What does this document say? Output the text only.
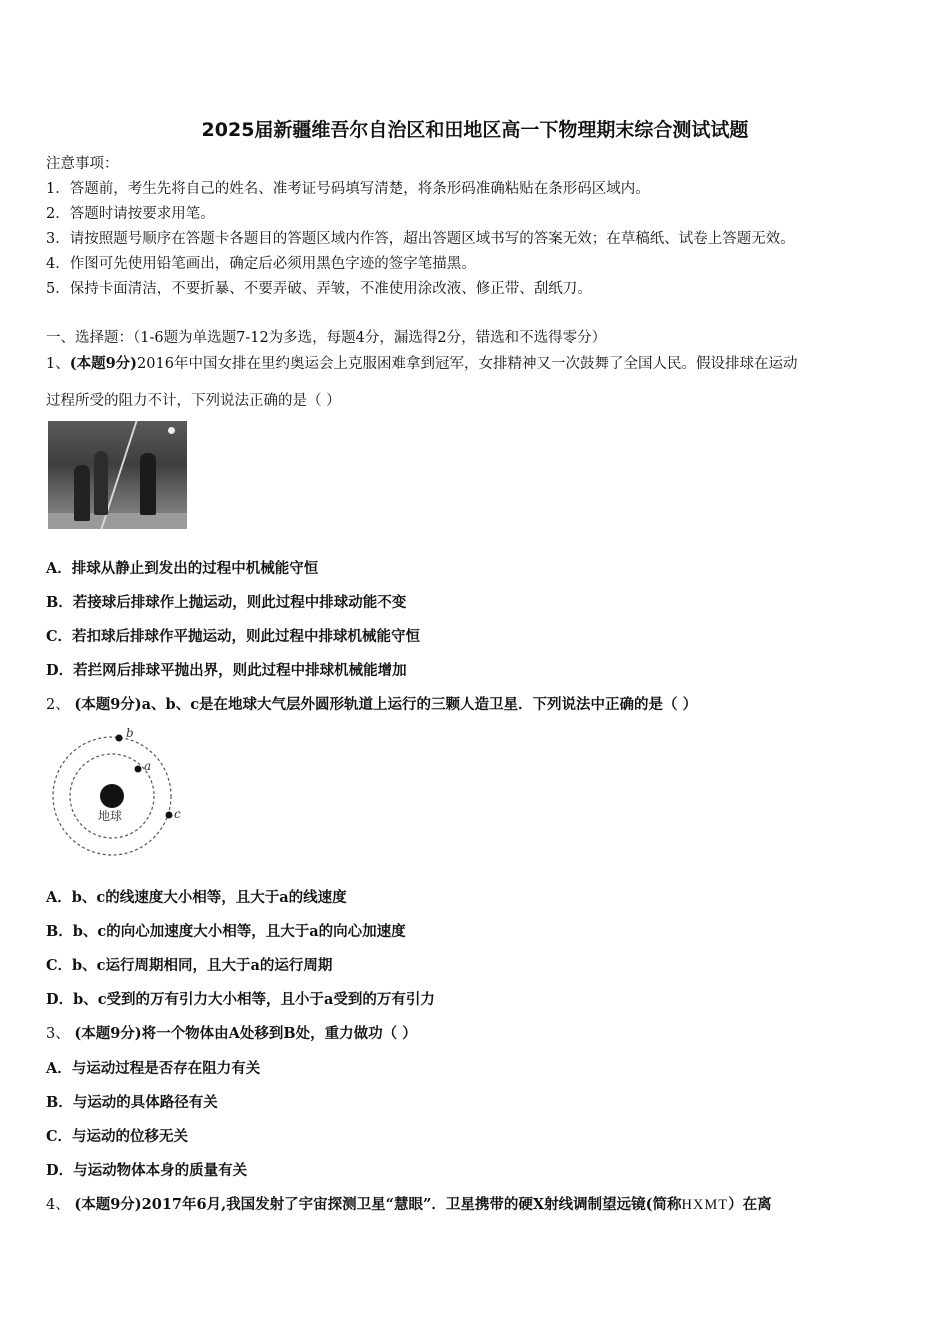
2025届新疆维吾尔自治区和田地区高一下物理期末综合测试试题
注意事项：
1．答题前，考生先将自己的姓名、准考证号码填写清楚，将条形码准确粘贴在条形码区域内。
2．答题时请按要求用笔。
3．请按照题号顺序在答题卡各题目的答题区域内作答，超出答题区域书写的答案无效；在草稿纸、试卷上答题无效。
4．作图可先使用铅笔画出，确定后必须用黑色字迹的签字笔描黑。
5．保持卡面清洁，不要折暴、不要弄破、弄皱，不准使用涂改液、修正带、刮纸刀。
一、选择题：（1-6题为单选题7-12为多选，每题4分，漏选得2分，错选和不选得零分）
1、(本题9分)2016年中国女排在里约奥运会上克服困难拿到冠军，女排精神又一次鼓舞了全国人民。假设排球在运动
过程所受的阻力不计，下列说法正确的是（ ）
A．排球从静止到发出的过程中机械能守恒
B．若接球后排球作上抛运动，则此过程中排球动能不变
C．若扣球后排球作平抛运动，则此过程中排球机械能守恒
D．若拦网后排球平抛出界，则此过程中排球机械能增加
2、 (本题9分)a、b、c是在地球大气层外圆形轨道上运行的三颗人造卫星．下列说法中正确的是（ ）
地球
b
a
c
A．b、c的线速度大小相等，且大于a的线速度
B．b、c的向心加速度大小相等，且大于a的向心加速度
C．b、c运行周期相同，且大于a的运行周期
D．b、c受到的万有引力大小相等，且小于a受到的万有引力
3、 (本题9分)将一个物体由A处移到B处，重力做功（ ）
A．与运动过程是否存在阻力有关
B．与运动的具体路径有关
C．与运动的位移无关
D．与运动物体本身的质量有关
4、 (本题9分)2017年6月,我国发射了宇宙探测卫星“慧眼”．卫星携带的硬X射线调制望远镜(简称HXMT）在离
